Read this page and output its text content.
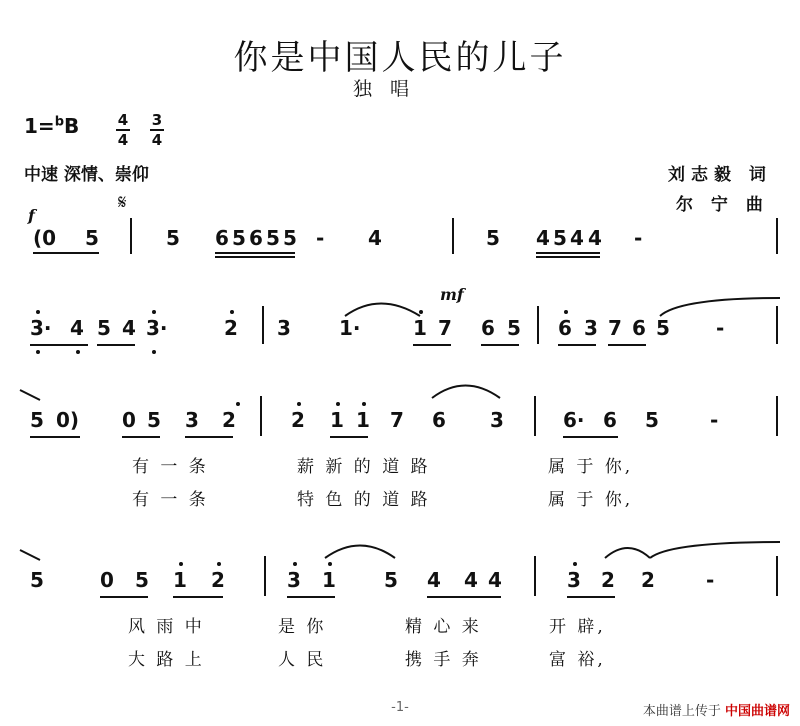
你是中国人民的儿子
独唱
1=$^b$B	4
4
3
4
中速 深情、崇仰	刘志毅 词
尔 宁 曲
𝄋
f
mf
(0 5	5 6 5 6 5 5 - 4	5 4 5 4 4 -
3· 4 5 4 3·	2 3 1·	1 7 6 5 6 3 7 6 5 -
5 0) 0 5 3 2	2 1 1 7 6 3	6· 6 5	-
有 一 条	薪 新 的 道 路	属 于 你,
有 一 条	特 色 的 道 路	属 于 你,
5	0 5 1 2	3 1 5 4 4 4	3 2 2	-
风 雨 中	是 你	精 心 来	开 辟,
大 路 上	人 民	携 手 奔	富 裕,
-1-	本曲谱上传于 中国曲谱网
